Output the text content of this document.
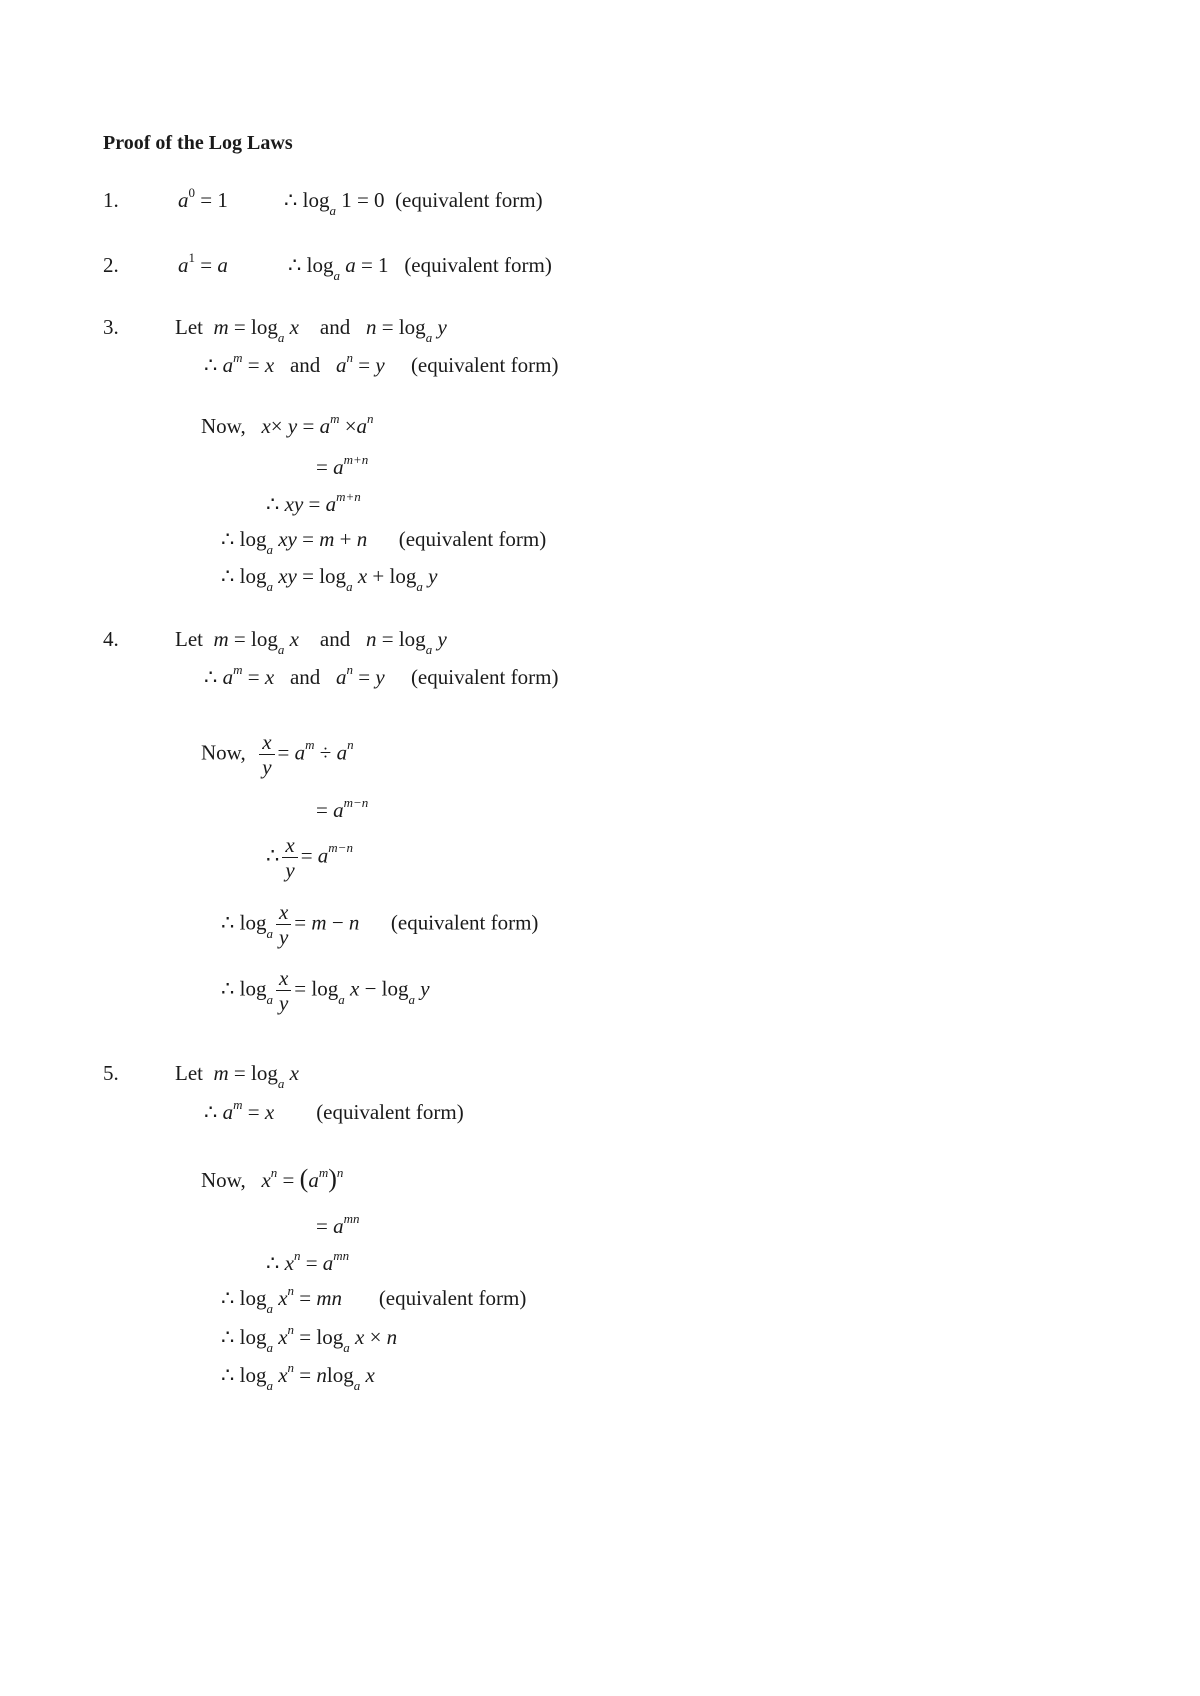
Proof of the Log Laws
1.	$a^0 = 1$	∴ $\log_a 1 = 0$  (equivalent form)
2.	$a^1 = a$	∴ $\log_a a = 1$   (equivalent form)
3.	Let $m = \log_a x$ and $n = \log_a y$
∴ $a^m = x$ and $a^n = y$ (equivalent form)
Now, $x\times y = a^m \times a^n$
= $a^{m+n}$
∴ xy = $a^{m+n}$
∴ $\log_a$ xy = m + n (equivalent form)
∴ $\log_a$ xy = $\log_a x + \log_a y$
4.	Let $m = \log_a x$ and $n = \log_a y$
∴ $a^m = x$ and $a^n = y$ (equivalent form)
Now, $\frac{x}{y} = a^m \div a^n$
= $a^{m-n}$
∴ $\frac{x}{y} = a^{m-n}$
∴ $\log_a \frac{x}{y} = m - n$ (equivalent form)
∴ $\log_a \frac{x}{y} = \log_a x - \log_a y$
5.	Let $m = \log_a x$
∴ $a^m = x$ (equivalent form)
Now, $x^n = (a^m)^n$
= $a^{mn}$
∴ $x^n = a^{mn}$
∴ $\log_a x^n$ = mn (equivalent form)
∴ $\log_a x^n = \log_a x \times n$
∴ $\log_a x^n = nlog_a$ x
